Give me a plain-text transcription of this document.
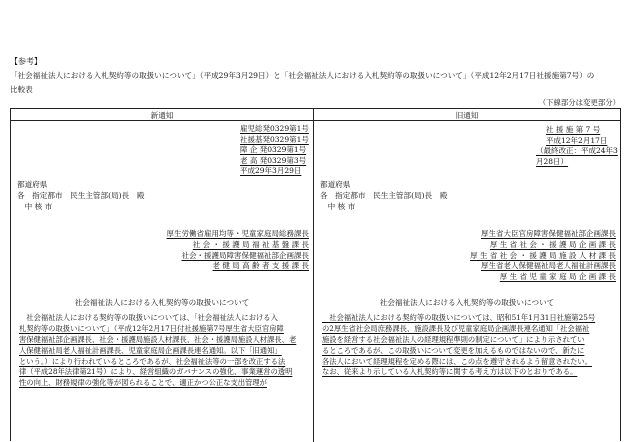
【参考】
「社会福祉法人における入札契約等の取扱いについて」（平成29年3月29日）と「社会福祉法人における入札契約等の取扱いについて」（平成12年2月17日社援施第7号）の
比較表
（下線部分は変更部分）
新通知	旧通知
雇児総発0329第1号
社援基発0329第1号
障 企 発0329第1号
老 高 発0329第3号
平成29年3月29日
都道府県
各　指定都市　民生主管部(局)長　殿
　中 核 市
厚生労働省雇用均等・児童家庭局総務課長
社 会 ・ 援 護 局 福 祉 基 盤 課 長
社会・援護局障害保健福祉部企画課長
老 健 局 高 齢 者 支 援 課 長
社会福祉法人における入札契約等の取扱いについて
　社会福祉法人における契約等の取扱いについては、「社会福祉法人における入
札契約等の取扱いについて」（平成12年2月17日付社援施第7号厚生省大臣官房障
害保健福祉部企画課長、社会・援護局施設人材課長、社会・援護局施設人材課長、老
人保健福祉局老人福祉計画課長、児童家庭局企画課長連名通知。以下「旧通知」
という。）により行われているところであるが、社会福祉法等の一部を改正する法
律（平成28年法律第21号）により、経営組織のガバナンスの強化、事業運営の透明
性の向上、財務規律の強化等が図られることで、適正かつ公正な支出管理が
社 援 施 第 7 号
平成12年2月17日
（最終改正：平成24年3月28日）
都道府県
各　指定都市　民生主管部(局)長　殿
　中 核 市
厚生省大臣官房障害保健福祉部企画課長
厚 生 省 社 会 ・ 援 護 局 企 画 課 長
厚 生 省 社 会 ・ 援 護 局 施 設 人 材 課 長
厚生省老人保健福祉局老人福祉計画課長
厚 生 省 児 童 家 庭 局 企 画 課 長
社会福祉法人における入札契約等の取扱いについて
　社会福祉法人における契約等の取扱いについては、昭和51年1月31日社施第25号
の2厚生省社会局庶務課長、施設課長及び児童家庭局企画課長連名通知「社会福祉
施設を経営する社会福祉法人の経理規程準則の制定について」により示されてい
るところであるが、この取扱いについて変更を加えるものではないので、新たに
各法人において経理規程を定める際には、この点を遵守されるよう留意されたい。
なお、従来より示している入札契約等に関する考え方は以下のとおりである。
